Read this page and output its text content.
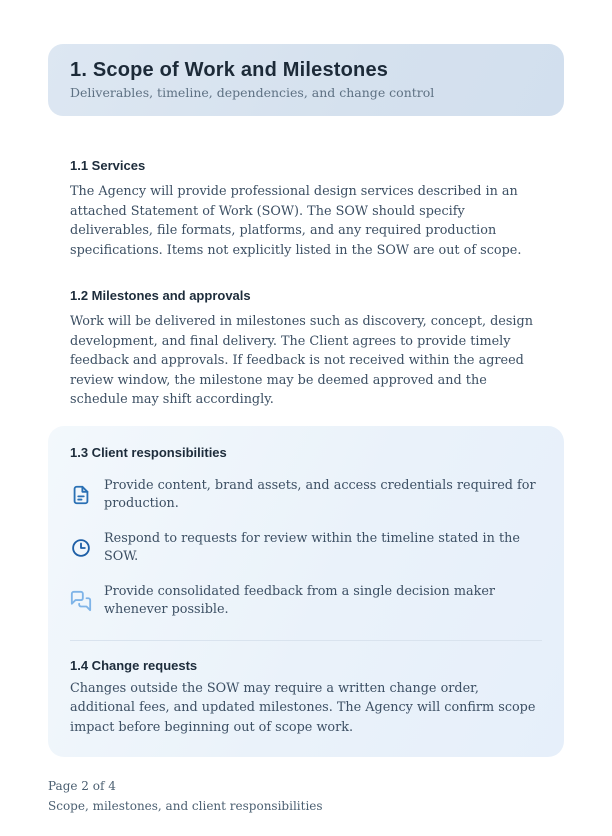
1. Scope of Work and Milestones
Deliverables, timeline, dependencies, and change control
1.1 Services
The Agency will provide professional design services described in an attached Statement of Work (SOW). The SOW should specify deliverables, file formats, platforms, and any required production specifications. Items not explicitly listed in the SOW are out of scope.
1.2 Milestones and approvals
Work will be delivered in milestones such as discovery, concept, design development, and final delivery. The Client agrees to provide timely feedback and approvals. If feedback is not received within the agreed review window, the milestone may be deemed approved and the schedule may shift accordingly.
1.3 Client responsibilities
Provide content, brand assets, and access credentials required for production.
Respond to requests for review within the timeline stated in the SOW.
Provide consolidated feedback from a single decision maker whenever possible.
1.4 Change requests
Changes outside the SOW may require a written change order, additional fees, and updated milestones. The Agency will confirm scope impact before beginning out of scope work.
Page 2 of 4
Scope, milestones, and client responsibilities
